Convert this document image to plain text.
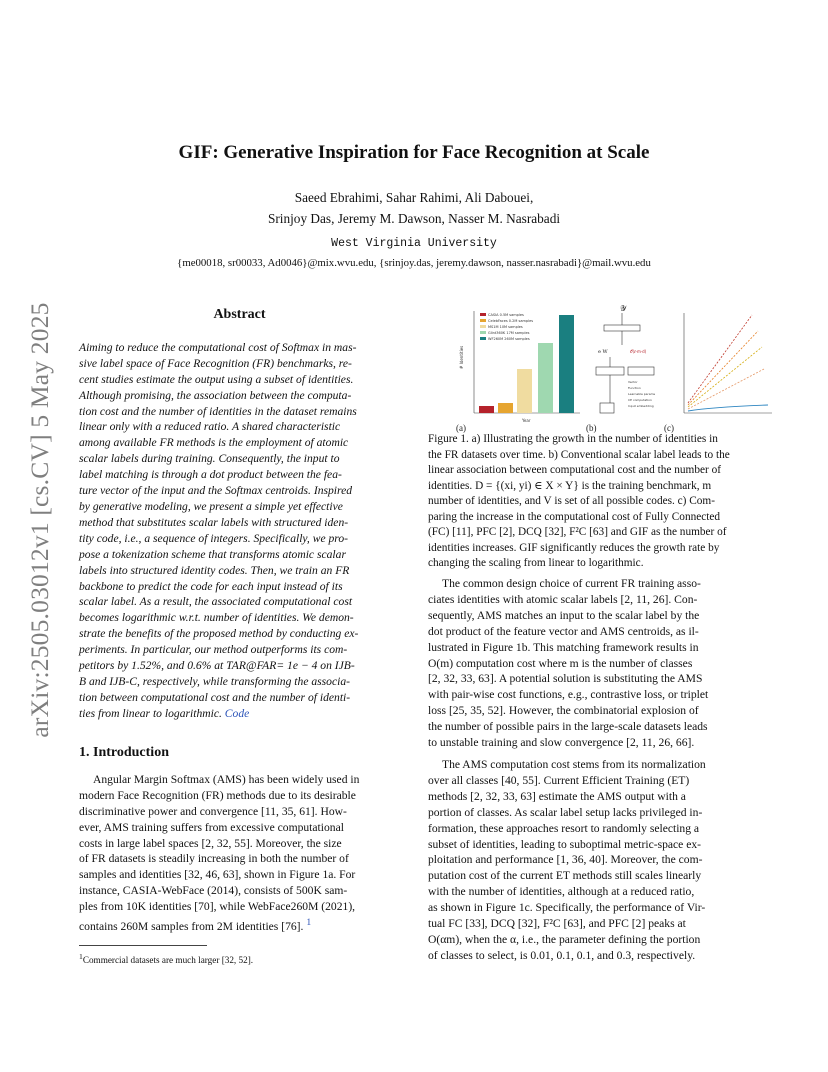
arXiv:2505.03012v1 [cs.CV] 5 May 2025
GIF: Generative Inspiration for Face Recognition at Scale
Saeed Ebrahimi, Sahar Rahimi, Ali Dabouei,
Srinjoy Das, Jeremy M. Dawson, Nasser M. Nasrabadi
West Virginia University
{me00018, sr00033, Ad0046}@mix.wvu.edu, {srinjoy.das, jeremy.dawson, nasser.nasrabadi}@mail.wvu.edu
Abstract
Aiming to reduce the computational cost of Softmax in mas-
sive label space of Face Recognition (FR) benchmarks, re-
cent studies estimate the output using a subset of identities.
Although promising, the association between the computa-
tion cost and the number of identities in the dataset remains
linear only with a reduced ratio. A shared characteristic
among available FR methods is the employment of atomic
scalar labels during training. Consequently, the input to
label matching is through a dot product between the fea-
ture vector of the input and the Softmax centroids. Inspired
by generative modeling, we present a simple yet effective
method that substitutes scalar labels with structured iden-
tity code, i.e., a sequence of integers. Specifically, we pro-
pose a tokenization scheme that transforms atomic scalar
labels into structured identity codes. Then, we train an FR
backbone to predict the code for each input instead of its
scalar label. As a result, the associated computational cost
becomes logarithmic w.r.t. number of identities. We demon-
strate the benefits of the proposed method by conducting ex-
periments. In particular, our method outperforms its com-
petitors by 1.52%, and 0.6% at TAR@FAR= 1e − 4 on IJB-
B and IJB-C, respectively, while transforming the associa-
tion between computational cost and the number of identi-
ties from linear to logarithmic. Code
1. Introduction
Angular Margin Softmax (AMS) has been widely used in
modern Face Recognition (FR) methods due to its desirable
discriminative power and convergence [11, 35, 61]. How-
ever, AMS training suffers from excessive computational
costs in large label spaces [2, 32, 55]. Moreover, the size
of FR datasets is steadily increasing in both the number of
samples and identities [32, 46, 63], shown in Figure 1a. For
instance, CASIA-WebFace (2014), consists of 500K sam-
ples from 10K identities [70], while WebFace260M (2021),
contains 260M samples from 2M identities [76]. $^1$
$^1$Commercial datasets are much larger [32, 52].
CASIA 0.5M samples
CelebFaces 0.2M samples
MS1M 10M samples
Glint360K 17M samples
WF260M 260M samples
# Identities
Year
𝒴
e W	𝒪(ℓ·m·d)
Vector
Function
Learnable params
CE computation
Input embedding
(a)	(b)	(c)
Figure 1. a) Illustrating the growth in the number of identities in
the FR datasets over time. b) Conventional scalar label leads to the
linear association between computational cost and the number of
identities. D = {(xi, yi) ∈ X × Y} is the training benchmark, m
number of identities, and V is set of all possible codes. c) Com-
paring the increase in the computational cost of Fully Connected
(FC) [11], PFC [2], DCQ [32], F²C [63] and GIF as the number of
identities increases. GIF significantly reduces the growth rate by
changing the scaling from linear to logarithmic.
The common design choice of current FR training asso-
ciates identities with atomic scalar labels [2, 11, 26]. Con-
sequently, AMS matches an input to the scalar label by the
dot product of the feature vector and AMS centroids, as il-
lustrated in Figure 1b. This matching framework results in
O(m) computation cost where m is the number of classes
[2, 32, 33, 63]. A potential solution is substituting the AMS
with pair-wise cost functions, e.g., contrastive loss, or triplet
loss [25, 35, 52]. However, the combinatorial explosion of
the number of possible pairs in the large-scale datasets leads
to unstable training and slow convergence [2, 11, 26, 66].
The AMS computation cost stems from its normalization
over all classes [40, 55]. Current Efficient Training (ET)
methods [2, 32, 33, 63] estimate the AMS output with a
portion of classes. As scalar label setup lacks privileged in-
formation, these approaches resort to randomly selecting a
subset of identities, leading to suboptimal metric-space ex-
ploitation and performance [1, 36, 40]. Moreover, the com-
putation cost of the current ET methods still scales linearly
with the number of identities, although at a reduced ratio,
as shown in Figure 1c. Specifically, the performance of Vir-
tual FC [33], DCQ [32], F²C [63], and PFC [2] peaks at
O(αm), when the α, i.e., the parameter defining the portion
of classes to select, is 0.01, 0.1, 0.1, and 0.3, respectively.
